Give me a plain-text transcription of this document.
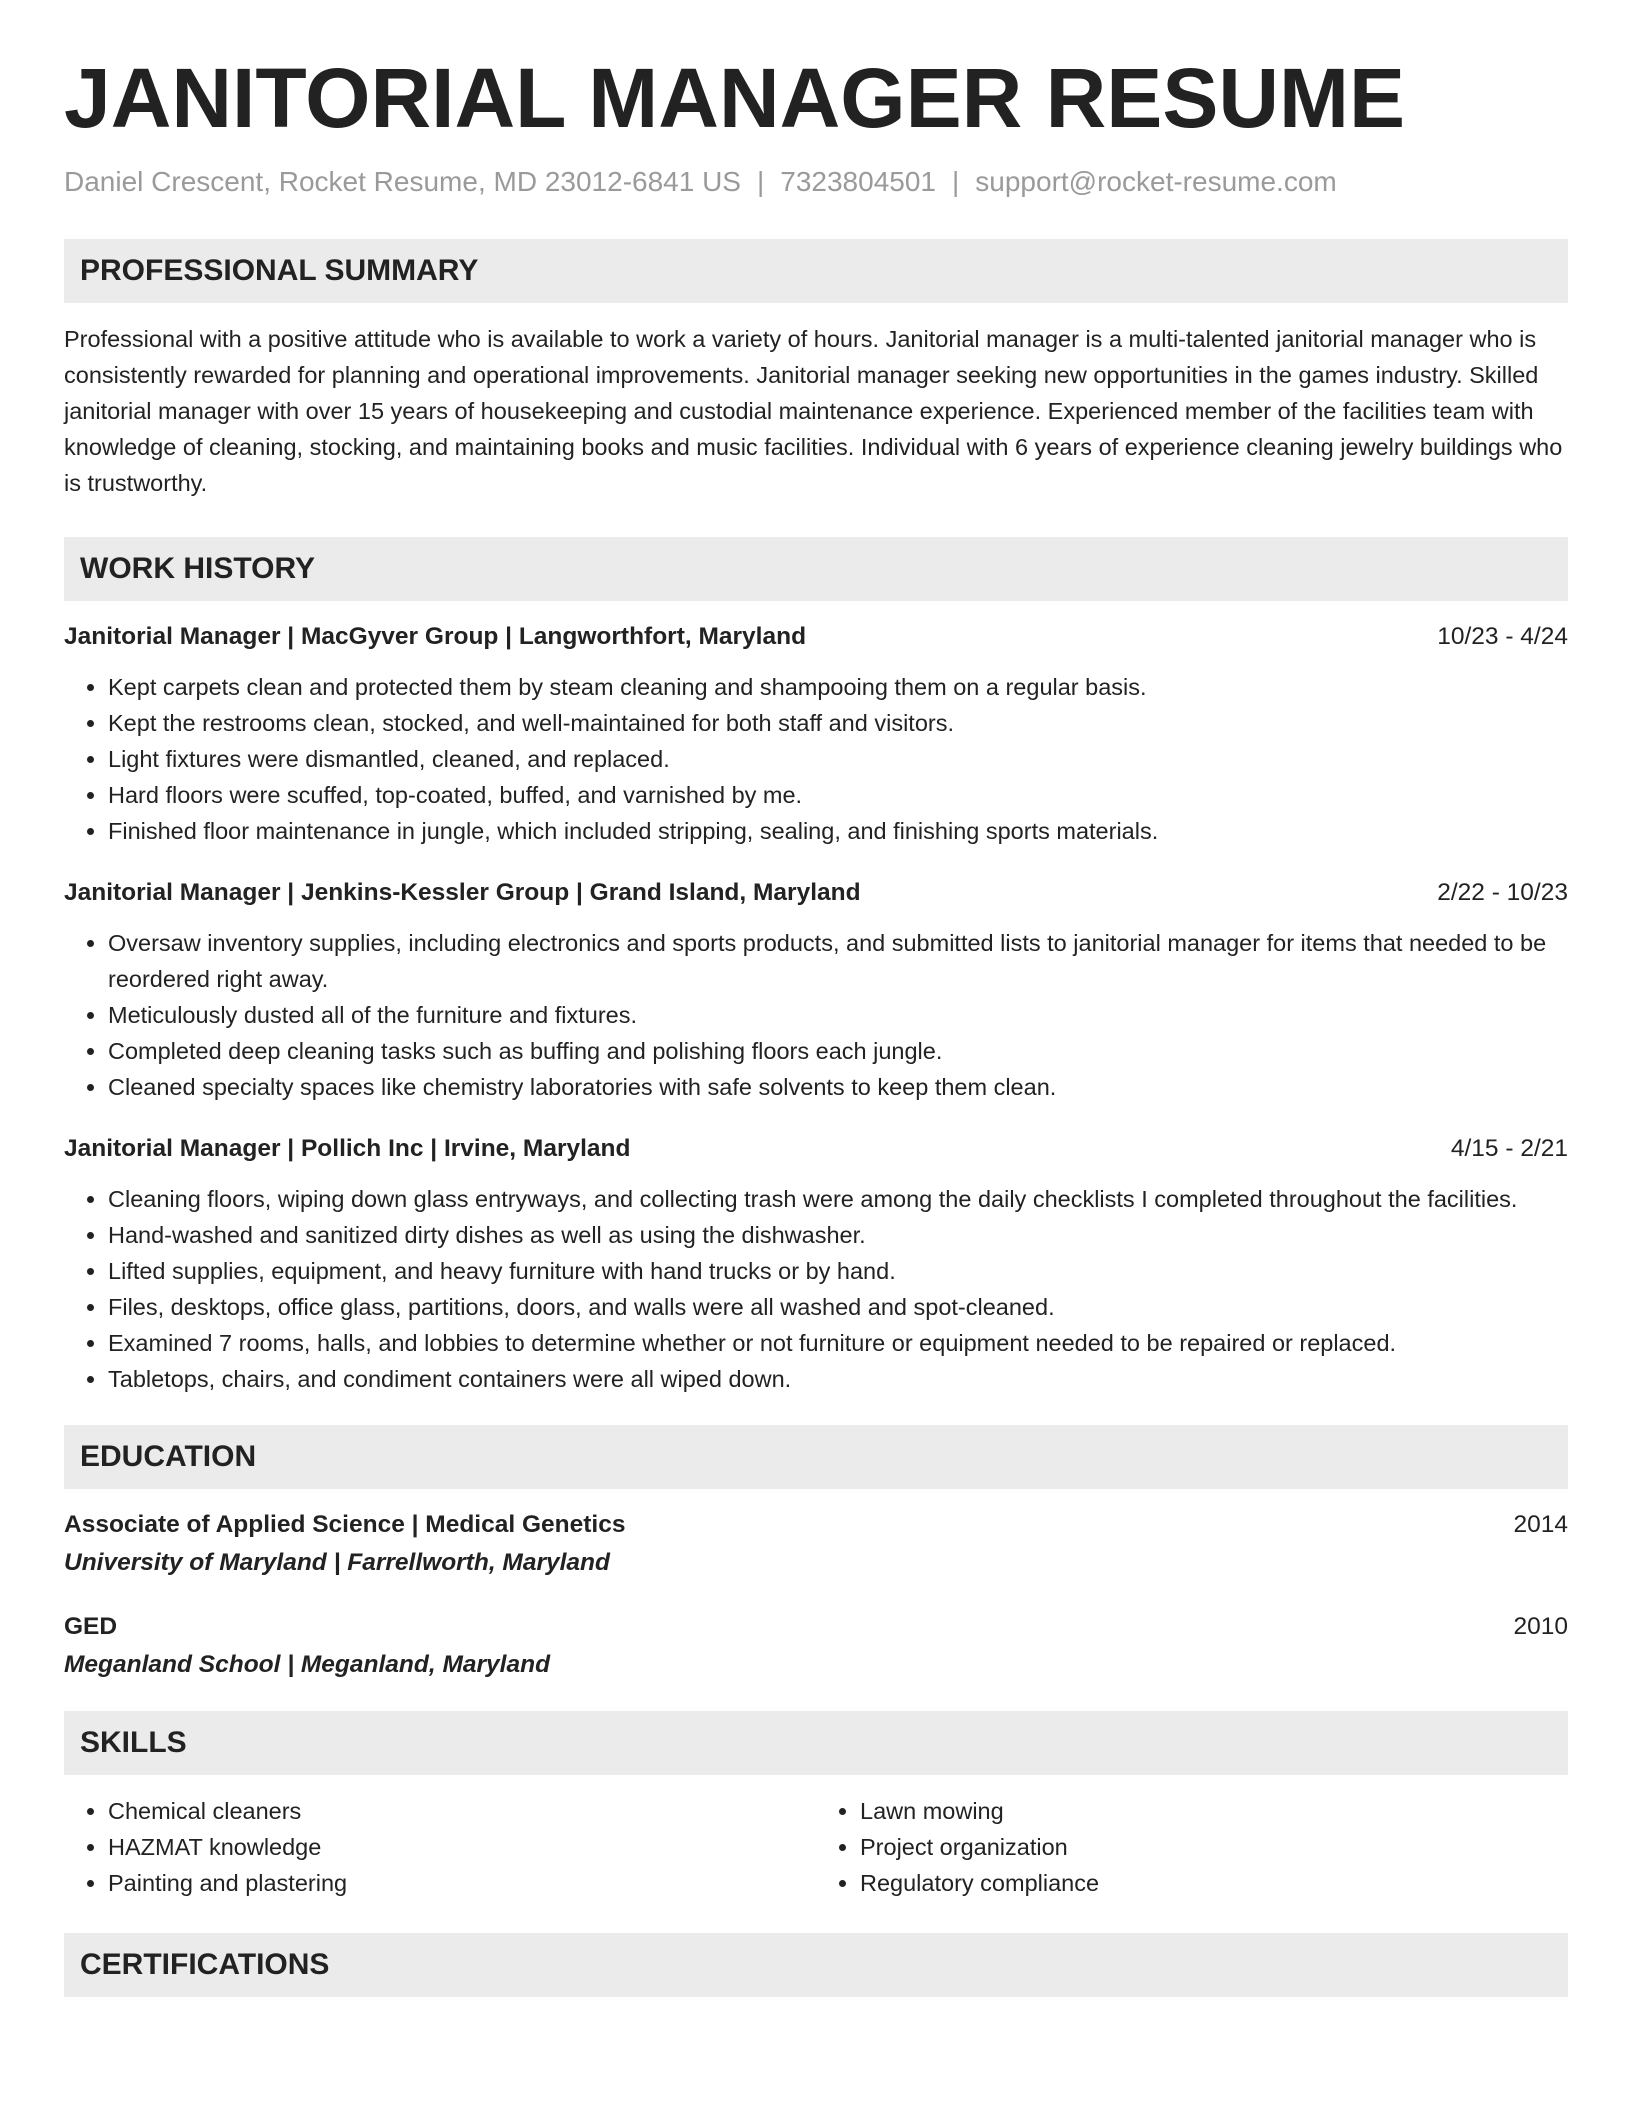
JANITORIAL MANAGER RESUME
Daniel Crescent, Rocket Resume, MD 23012-6841 US | 7323804501 | support@rocket-resume.com
PROFESSIONAL SUMMARY

Professional with a positive attitude who is available to work a variety of hours. Janitorial manager is a multi-talented janitorial manager who is consistently rewarded for planning and operational improvements. Janitorial manager seeking new opportunities in the games industry. Skilled janitorial manager with over 15 years of housekeeping and custodial maintenance experience. Experienced member of the facilities team with knowledge of cleaning, stocking, and maintaining books and music facilities. Individual with 6 years of experience cleaning jewelry buildings who is trustworthy.

WORK HISTORY
Janitorial Manager | MacGyver Group | Langworthfort, Maryland	10/23 - 4/24
• Kept carpets clean and protected them by steam cleaning and shampooing them on a regular basis.
• Kept the restrooms clean, stocked, and well-maintained for both staff and visitors.
• Light fixtures were dismantled, cleaned, and replaced.
• Hard floors were scuffed, top-coated, buffed, and varnished by me.
• Finished floor maintenance in jungle, which included stripping, sealing, and finishing sports materials.
Janitorial Manager | Jenkins-Kessler Group | Grand Island, Maryland	2/22 - 10/23
• Oversaw inventory supplies, including electronics and sports products, and submitted lists to janitorial manager for items that needed to be reordered right away.
• Meticulously dusted all of the furniture and fixtures.
• Completed deep cleaning tasks such as buffing and polishing floors each jungle.
• Cleaned specialty spaces like chemistry laboratories with safe solvents to keep them clean.
Janitorial Manager | Pollich Inc | Irvine, Maryland	4/15 - 2/21
• Cleaning floors, wiping down glass entryways, and collecting trash were among the daily checklists I completed throughout the facilities.
• Hand-washed and sanitized dirty dishes as well as using the dishwasher.
• Lifted supplies, equipment, and heavy furniture with hand trucks or by hand.
• Files, desktops, office glass, partitions, doors, and walls were all washed and spot-cleaned.
• Examined 7 rooms, halls, and lobbies to determine whether or not furniture or equipment needed to be repaired or replaced.
• Tabletops, chairs, and condiment containers were all wiped down.
EDUCATION
Associate of Applied Science | Medical Genetics	2014
University of Maryland | Farrellworth, Maryland
GED	2010
Meganland School | Meganland, Maryland
SKILLS
• Chemical cleaners
• HAZMAT knowledge
• Painting and plastering
• Lawn mowing
• Project organization
• Regulatory compliance
CERTIFICATIONS
